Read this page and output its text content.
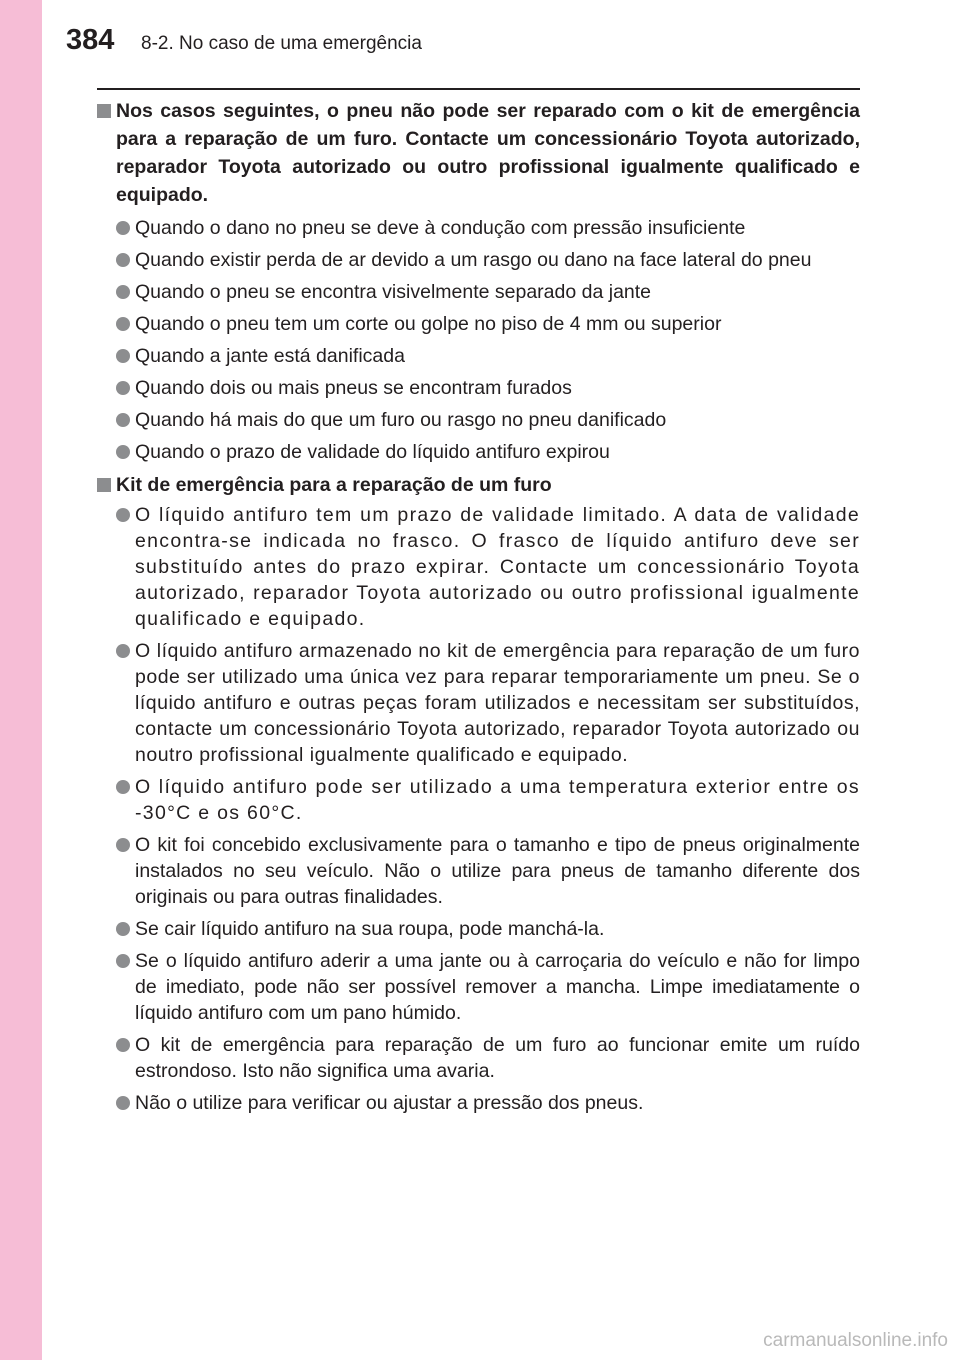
384 8-2. No caso de uma emergência
Nos casos seguintes, o pneu não pode ser reparado com o kit de emergência para a reparação de um furo. Contacte um concessionário Toyota autorizado, reparador Toyota autorizado ou outro profissional igualmente qualificado e equipado.
Quando o dano no pneu se deve à condução com pressão insuficiente
Quando existir perda de ar devido a um rasgo ou dano na face lateral do pneu
Quando o pneu se encontra visivelmente separado da jante
Quando o pneu tem um corte ou golpe no piso de 4 mm ou superior
Quando a jante está danificada
Quando dois ou mais pneus se encontram furados
Quando há mais do que um furo ou rasgo no pneu danificado
Quando o prazo de validade do líquido antifuro expirou
Kit de emergência para a reparação de um furo
O líquido antifuro tem um prazo de validade limitado. A data de validade encontra-se indicada no frasco. O frasco de líquido antifuro deve ser substituído antes do prazo expirar. Contacte um concessionário Toyota autorizado, reparador Toyota autorizado ou outro profissional igualmente qualificado e equipado.
O líquido antifuro armazenado no kit de emergência para reparação de um furo pode ser utilizado uma única vez para reparar temporariamente um pneu. Se o líquido antifuro e outras peças foram utilizados e necessitam ser substituídos, contacte um concessionário Toyota autorizado, reparador Toyota autorizado ou noutro profissional igualmente qualificado e equipado.
O líquido antifuro pode ser utilizado a uma temperatura exterior entre os -30°C e os 60°C.
O kit foi concebido exclusivamente para o tamanho e tipo de pneus originalmente instalados no seu veículo. Não o utilize para pneus de tamanho diferente dos originais ou para outras finalidades.
Se cair líquido antifuro na sua roupa, pode manchá-la.
Se o líquido antifuro aderir a uma jante ou à carroçaria do veículo e não for limpo de imediato, pode não ser possível remover a mancha. Limpe imediatamente o líquido antifuro com um pano húmido.
O kit de emergência para reparação de um furo ao funcionar emite um ruído estrondoso. Isto não significa uma avaria.
Não o utilize para verificar ou ajustar a pressão dos pneus.
carmanualsonline.info
